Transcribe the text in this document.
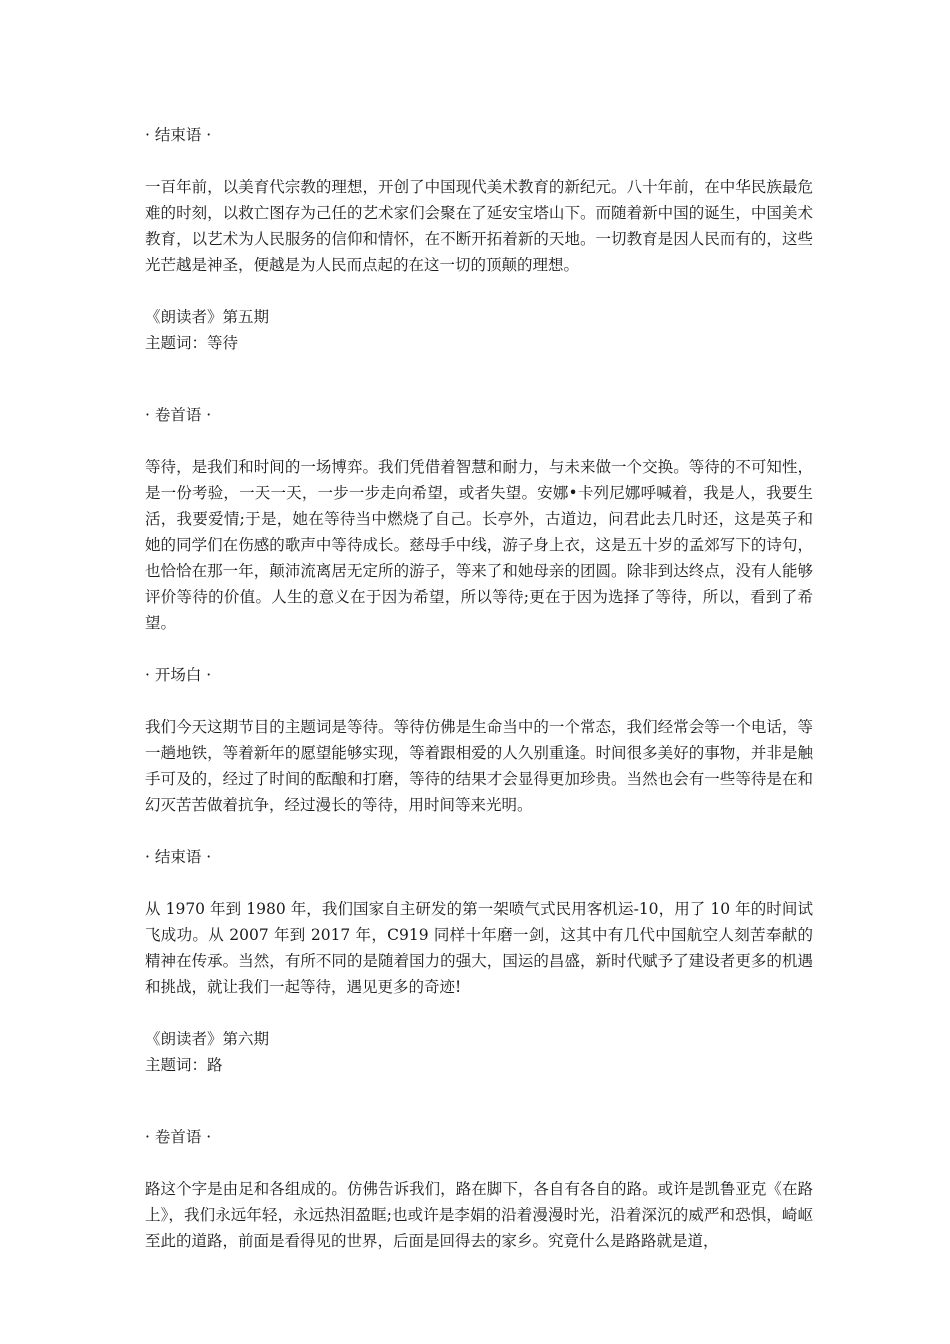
· 结束语 ·

一百年前，以美育代宗教的理想，开创了中国现代美术教育的新纪元。八十年前，在中华民族最危难的时刻，以救亡图存为己任的艺术家们会聚在了延安宝塔山下。而随着新中国的诞生，中国美术教育，以艺术为人民服务的信仰和情怀，在不断开拓着新的天地。一切教育是因人民而有的，这些光芒越是神圣，便越是为人民而点起的在这一切的顶颠的理想。

《朗读者》第五期

主题词：等待

· 卷首语 ·

等待，是我们和时间的一场博弈。我们凭借着智慧和耐力，与未来做一个交换。等待的不可知性，是一份考验，一天一天，一步一步走向希望，或者失望。安娜•卡列尼娜呼喊着，我是人，我要生活，我要爱情;于是，她在等待当中燃烧了自己。长亭外，古道边，问君此去几时还，这是英子和她的同学们在伤感的歌声中等待成长。慈母手中线，游子身上衣，这是五十岁的孟郊写下的诗句，也恰恰在那一年，颠沛流离居无定所的游子，等来了和她母亲的团圆。除非到达终点，没有人能够评价等待的价值。人生的意义在于因为希望，所以等待;更在于因为选择了等待，所以，看到了希望。

· 开场白 ·

我们今天这期节目的主题词是等待。等待仿佛是生命当中的一个常态，我们经常会等一个电话，等一趟地铁，等着新年的愿望能够实现，等着跟相爱的人久别重逢。时间很多美好的事物，并非是触手可及的，经过了时间的酝酿和打磨，等待的结果才会显得更加珍贵。当然也会有一些等待是在和幻灭苦苦做着抗争，经过漫长的等待，用时间等来光明。

· 结束语 ·

从 1970 年到 1980 年，我们国家自主研发的第一架喷气式民用客机运-10，用了 10 年的时间试飞成功。从 2007 年到 2017 年，C919 同样十年磨一剑，这其中有几代中国航空人刻苦奉献的精神在传承。当然，有所不同的是随着国力的强大，国运的昌盛，新时代赋予了建设者更多的机遇和挑战，就让我们一起等待，遇见更多的奇迹!

《朗读者》第六期

主题词：路

· 卷首语 ·

路这个字是由足和各组成的。仿佛告诉我们，路在脚下，各自有各自的路。或许是凯鲁亚克《在路上》，我们永远年轻，永远热泪盈眶;也或许是李娟的沿着漫漫时光，沿着深沉的威严和恐惧，崎岖至此的道路，前面是看得见的世界，后面是回得去的家乡。究竟什么是路路就是道，
